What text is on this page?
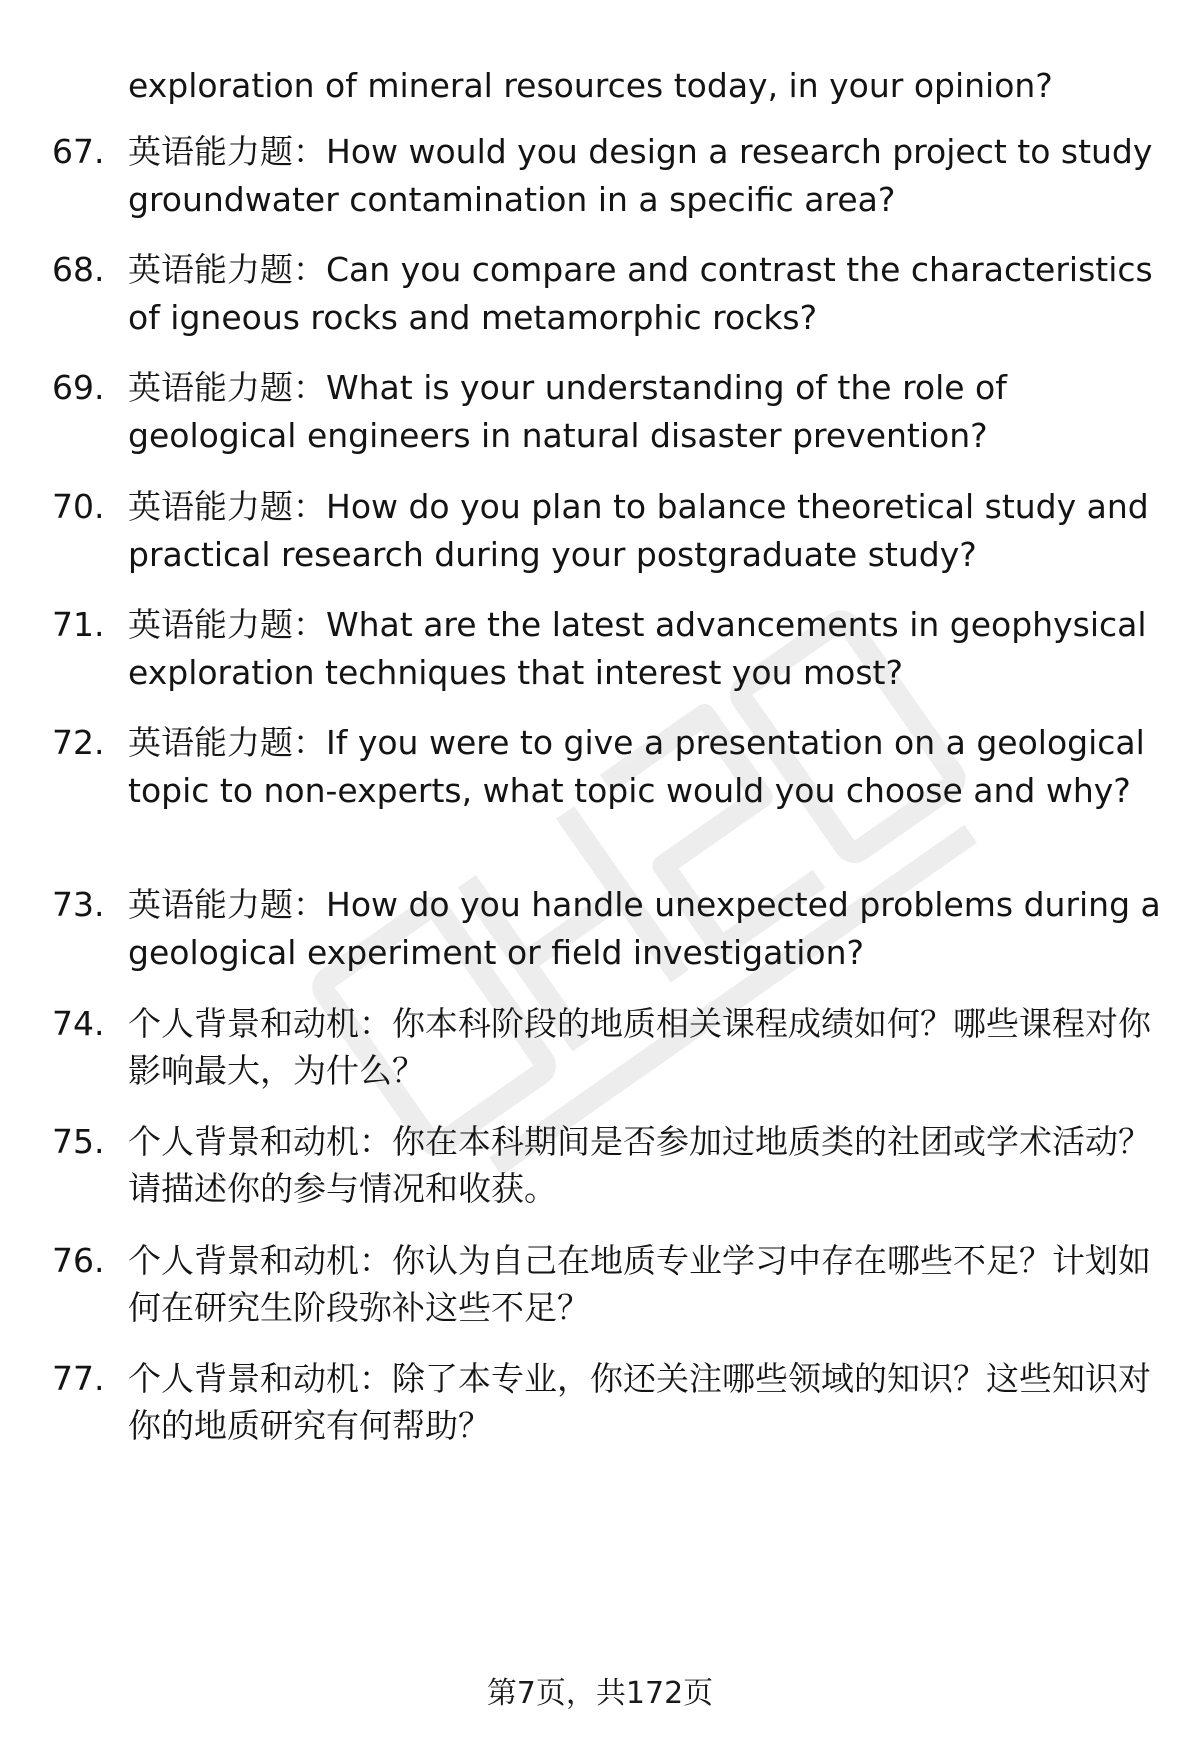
exploration of mineral resources today, in your opinion?

67. 英语能力题：How would you design a research project to study groundwater contamination in a specific area?

68. 英语能力题：Can you compare and contrast the characteristics of igneous rocks and metamorphic rocks?

69. 英语能力题：What is your understanding of the role of geological engineers in natural disaster prevention?

70. 英语能力题：How do you plan to balance theoretical study and practical research during your postgraduate study?

71. 英语能力题：What are the latest advancements in geophysical exploration techniques that interest you most?

72. 英语能力题：If you were to give a presentation on a geological topic to non-experts, what topic would you choose and why?

73. 英语能力题：How do you handle unexpected problems during a geological experiment or field investigation?

74. 个人背景和动机：你本科阶段的地质相关课程成绩如何？哪些课程对你影响最大，为什么？

75. 个人背景和动机：你在本科期间是否参加过地质类的社团或学术活动？请描述你的参与情况和收获。

76. 个人背景和动机：你认为自己在地质专业学习中存在哪些不足？计划如何在研究生阶段弥补这些不足？

77. 个人背景和动机：除了本专业，你还关注哪些领域的知识？这些知识对你的地质研究有何帮助？

第7页，共172页
